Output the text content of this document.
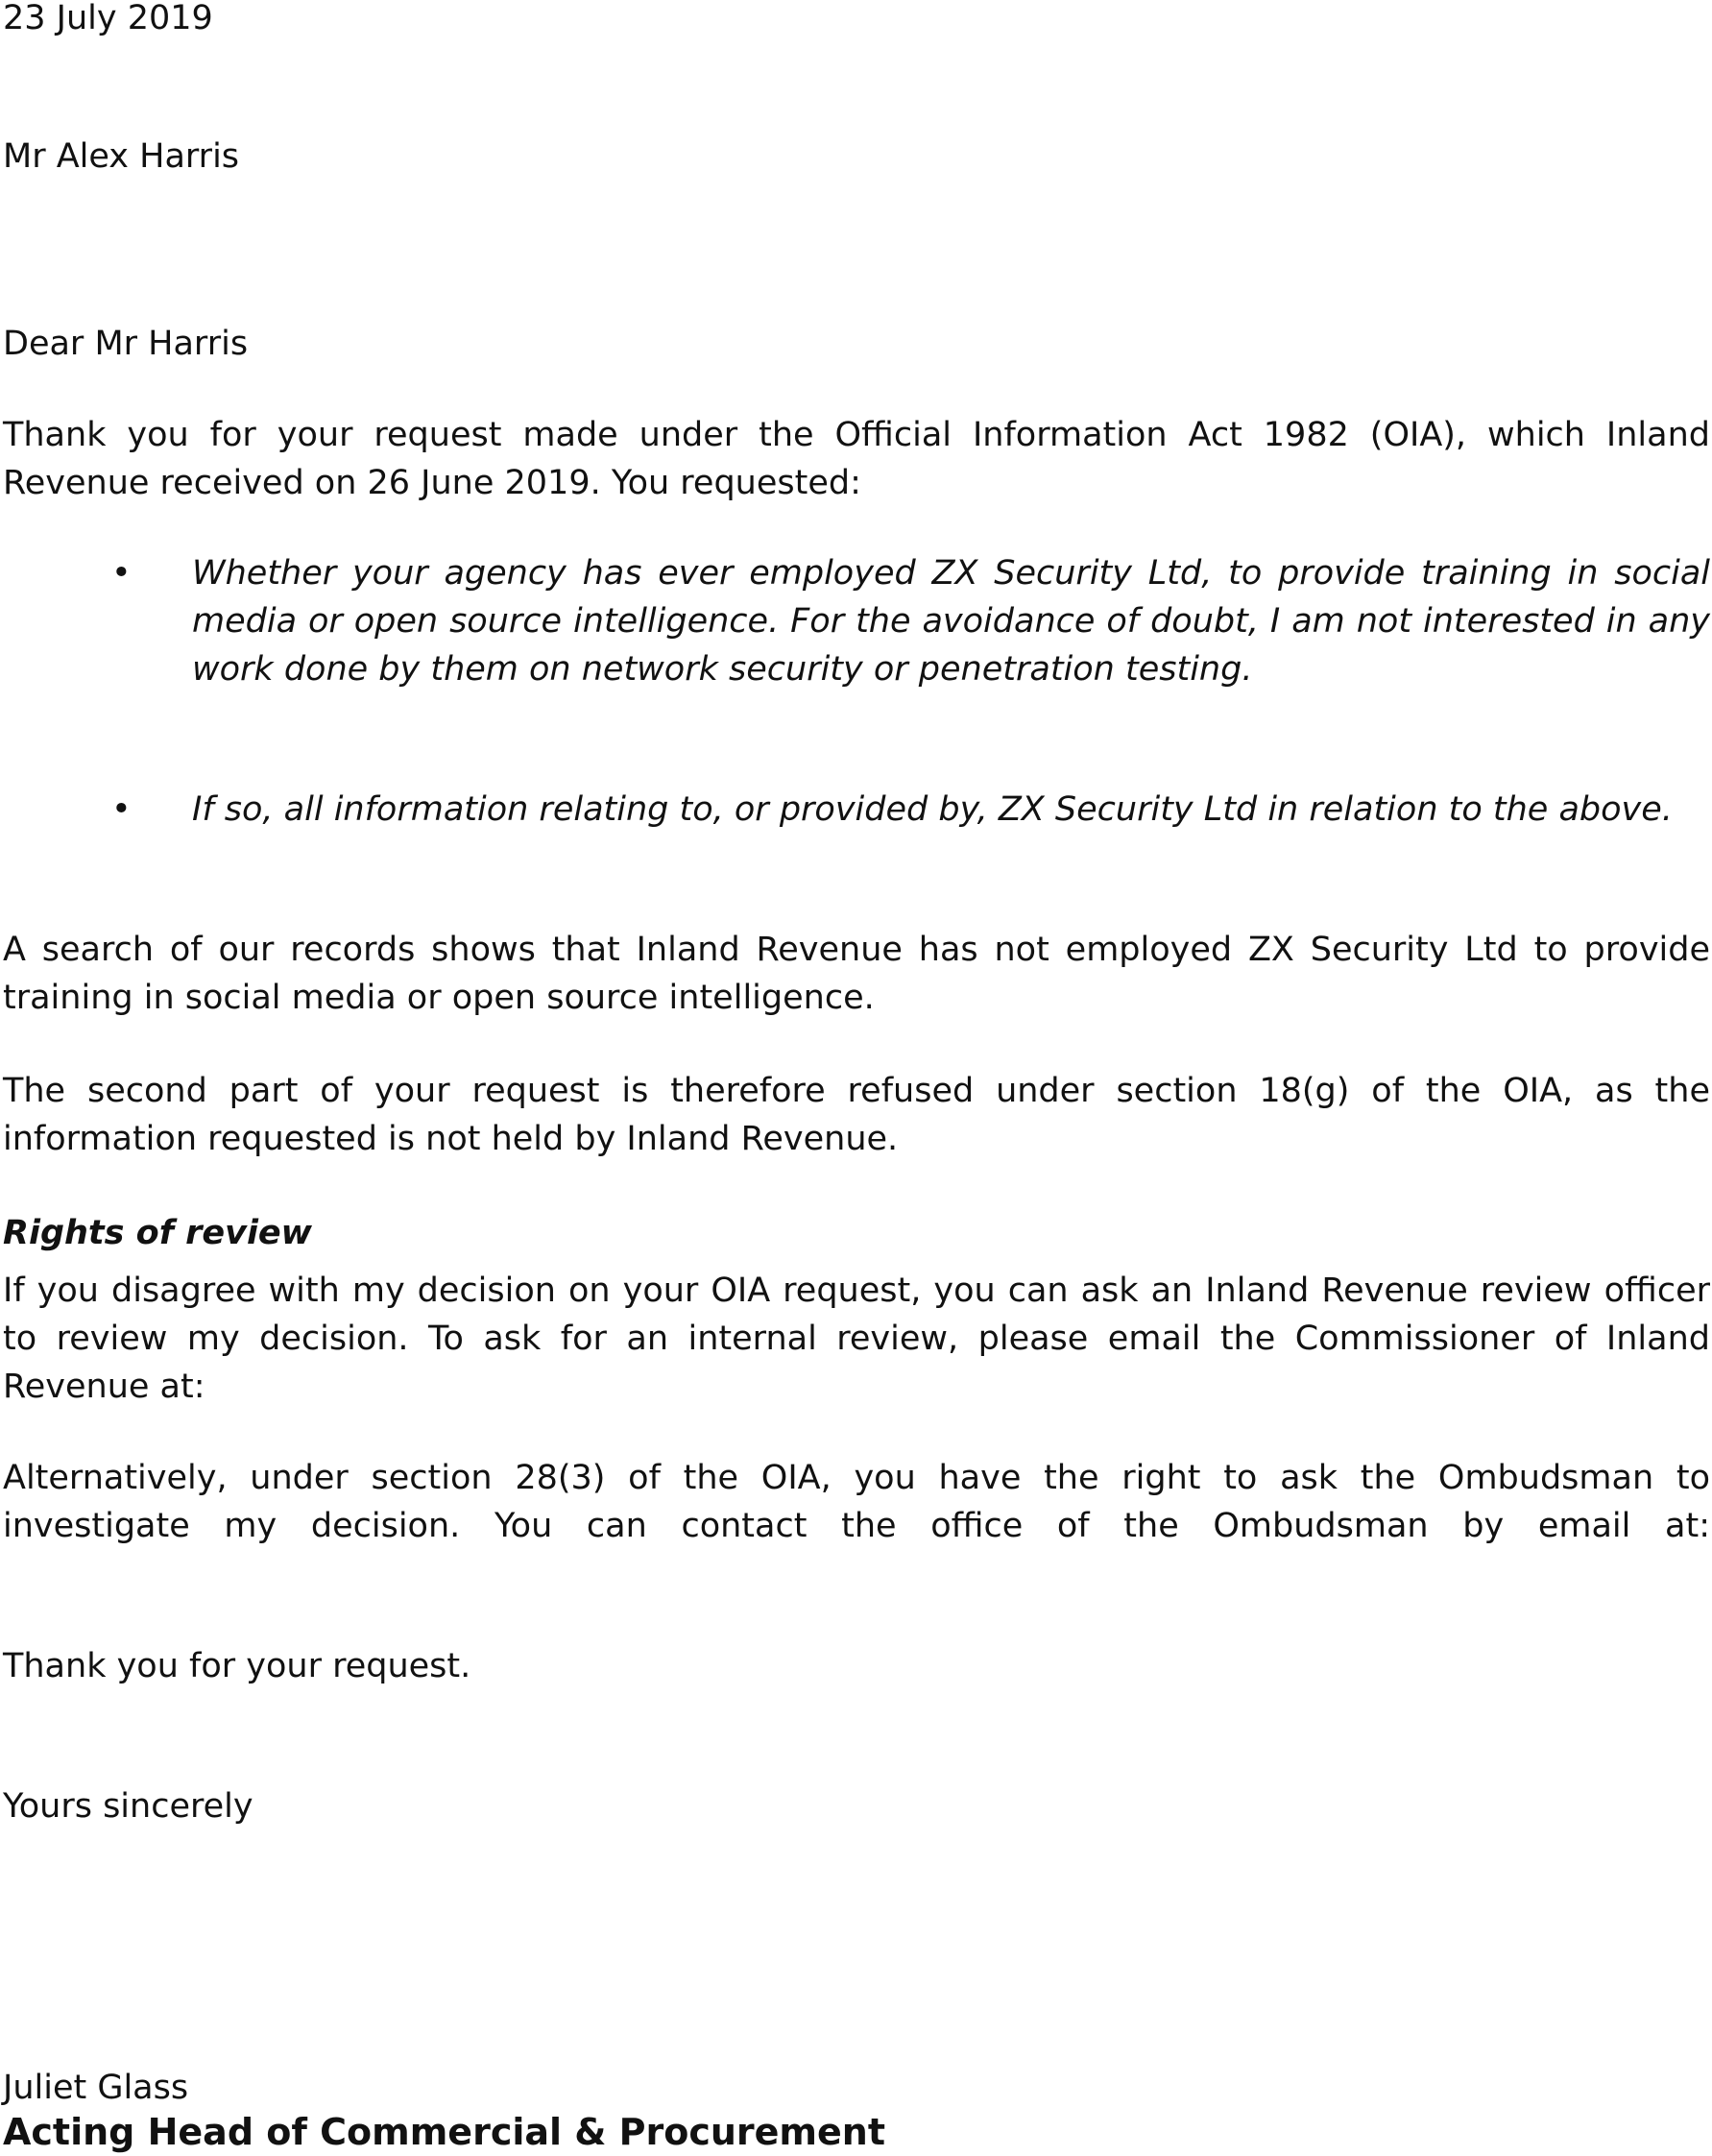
23 July 2019
Mr Alex Harris
Dear Mr Harris
Thank you for your request made under the Official Information Act 1982 (OIA), which Inland Revenue received on 26 June 2019. You requested:
• Whether your agency has ever employed ZX Security Ltd, to provide training in social media or open source intelligence. For the avoidance of doubt, I am not interested in any work done by them on network security or penetration testing.
• If so, all information relating to, or provided by, ZX Security Ltd in relation to the above.
A search of our records shows that Inland Revenue has not employed ZX Security Ltd to provide training in social media or open source intelligence.
The second part of your request is therefore refused under section 18(g) of the OIA, as the information requested is not held by Inland Revenue.
Rights of review
If you disagree with my decision on your OIA request, you can ask an Inland Revenue review officer to review my decision. To ask for an internal review, please email the Commissioner of Inland Revenue at:
Alternatively, under section 28(3) of the OIA, you have the right to ask the Ombudsman to investigate my decision. You can contact the office of the Ombudsman by email at:
Thank you for your request.
Yours sincerely
Juliet Glass
Acting Head of Commercial & Procurement
